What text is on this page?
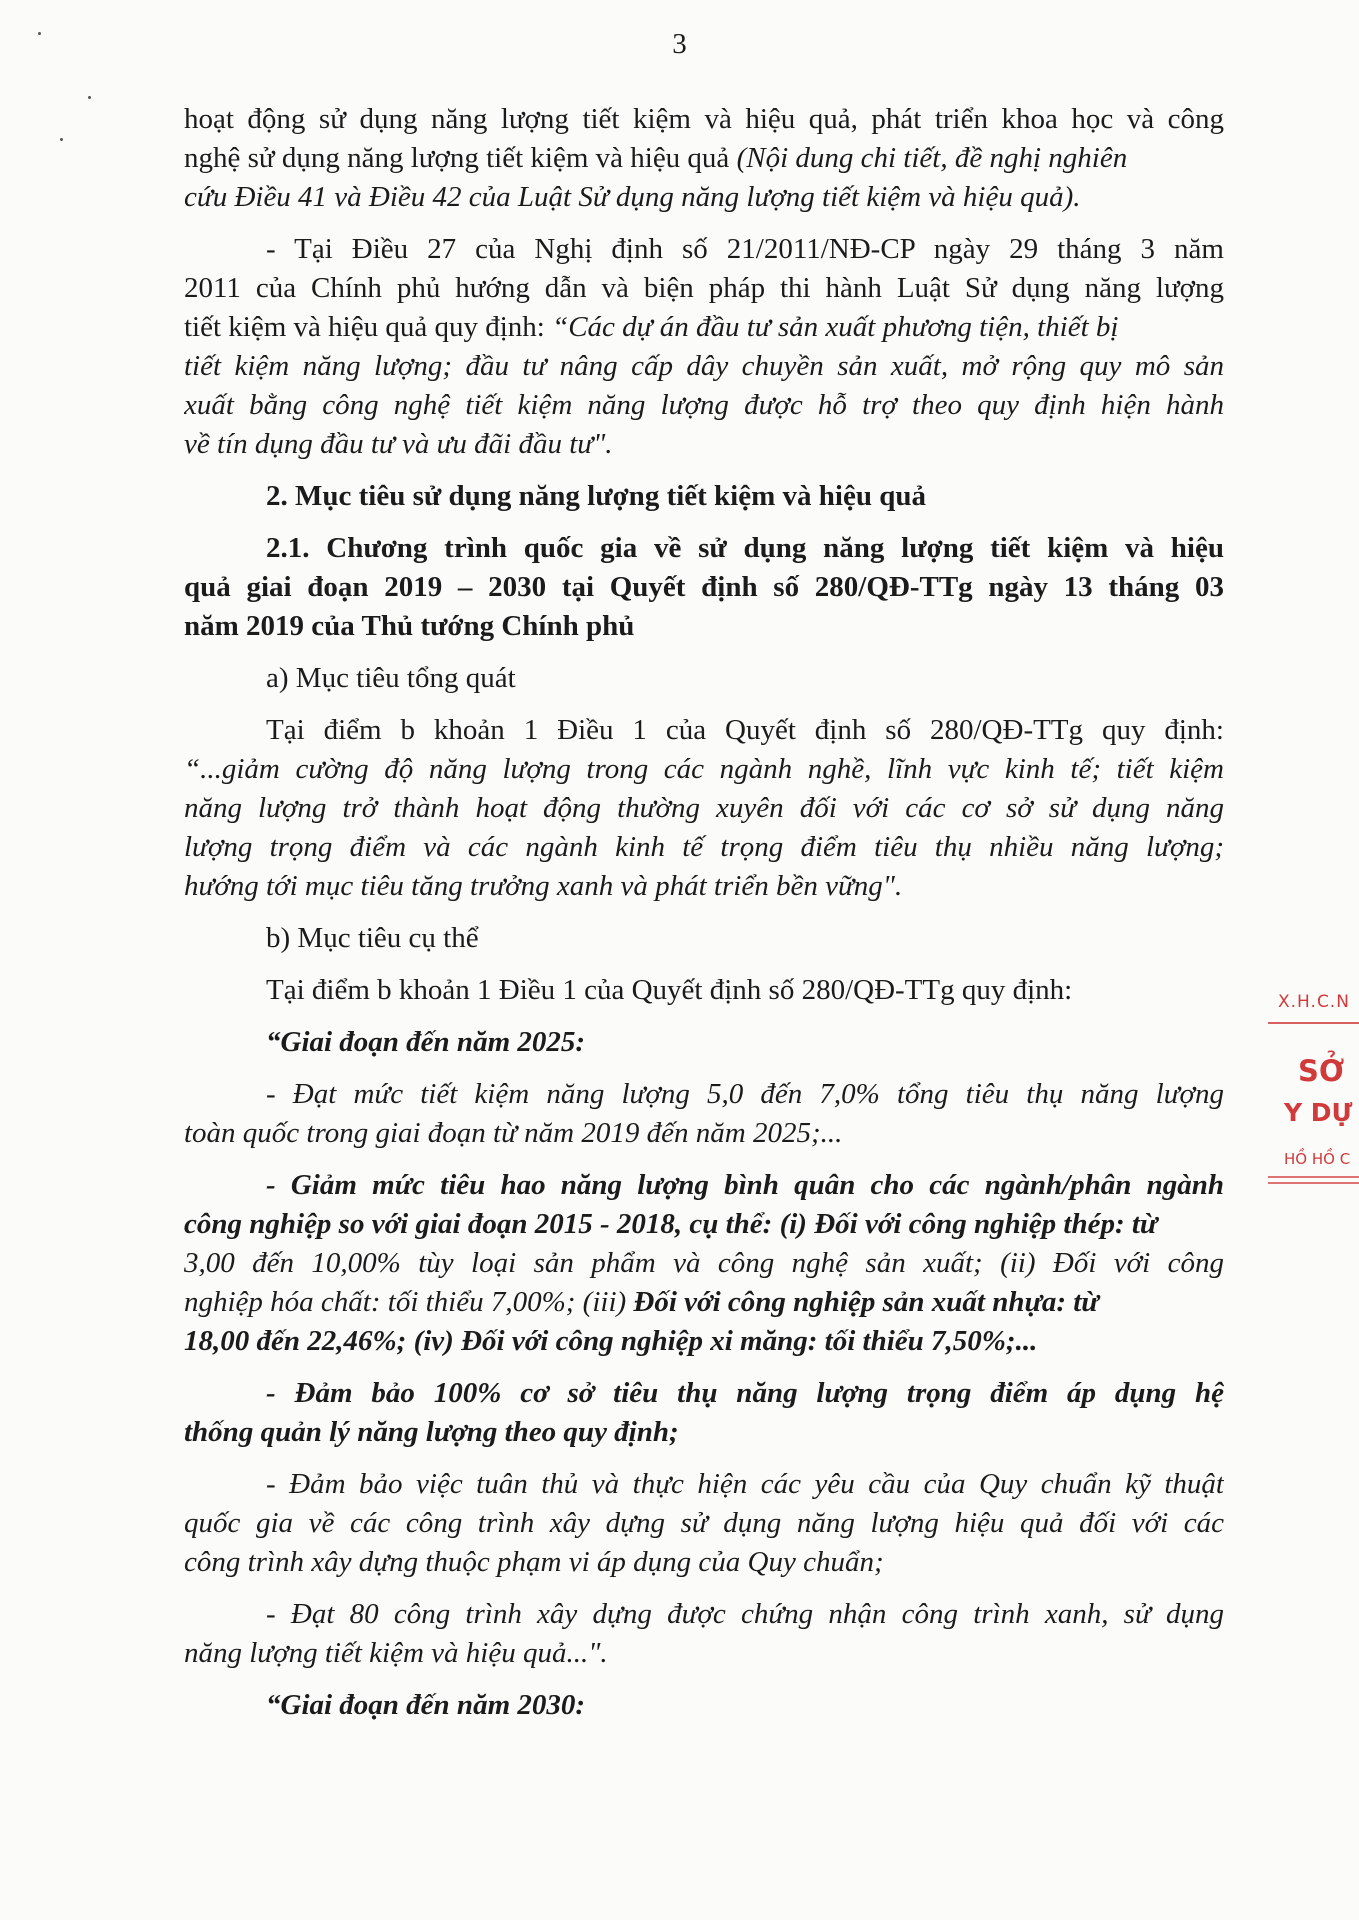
3
hoạt động sử dụng năng lượng tiết kiệm và hiệu quả, phát triển khoa học và công
nghệ sử dụng năng lượng tiết kiệm và hiệu quả (Nội dung chi tiết, đề nghị nghiên
cứu Điều 41 và Điều 42 của Luật Sử dụng năng lượng tiết kiệm và hiệu quả).
- Tại Điều 27 của Nghị định số 21/2011/NĐ-CP ngày 29 tháng 3 năm
2011 của Chính phủ hướng dẫn và biện pháp thi hành Luật Sử dụng năng lượng
tiết kiệm và hiệu quả quy định: “Các dự án đầu tư sản xuất phương tiện, thiết bị
tiết kiệm năng lượng; đầu tư nâng cấp dây chuyền sản xuất, mở rộng quy mô sản
xuất bằng công nghệ tiết kiệm năng lượng được hỗ trợ theo quy định hiện hành
về tín dụng đầu tư và ưu đãi đầu tư".
2. Mục tiêu sử dụng năng lượng tiết kiệm và hiệu quả
2.1. Chương trình quốc gia về sử dụng năng lượng tiết kiệm và hiệu
quả giai đoạn 2019 – 2030 tại Quyết định số 280/QĐ-TTg ngày 13 tháng 03
năm 2019 của Thủ tướng Chính phủ
a) Mục tiêu tổng quát
Tại điểm b khoản 1 Điều 1 của Quyết định số 280/QĐ-TTg quy định:
“...giảm cường độ năng lượng trong các ngành nghề, lĩnh vực kinh tế; tiết kiệm
năng lượng trở thành hoạt động thường xuyên đối với các cơ sở sử dụng năng
lượng trọng điểm và các ngành kinh tế trọng điểm tiêu thụ nhiều năng lượng;
hướng tới mục tiêu tăng trưởng xanh và phát triển bền vững".
b) Mục tiêu cụ thể
Tại điểm b khoản 1 Điều 1 của Quyết định số 280/QĐ-TTg quy định:
“Giai đoạn đến năm 2025:
- Đạt mức tiết kiệm năng lượng 5,0 đến 7,0% tổng tiêu thụ năng lượng
toàn quốc trong giai đoạn từ năm 2019 đến năm 2025;...
- Giảm mức tiêu hao năng lượng bình quân cho các ngành/phân ngành
công nghiệp so với giai đoạn 2015 - 2018, cụ thể: (i) Đối với công nghiệp thép: từ
3,00 đến 10,00% tùy loại sản phẩm và công nghệ sản xuất; (ii) Đối với công
nghiệp hóa chất: tối thiểu 7,00%; (iii) Đối với công nghiệp sản xuất nhựa: từ
18,00 đến 22,46%; (iv) Đối với công nghiệp xi măng: tối thiểu 7,50%;...
- Đảm bảo 100% cơ sở tiêu thụ năng lượng trọng điểm áp dụng hệ
thống quản lý năng lượng theo quy định;
- Đảm bảo việc tuân thủ và thực hiện các yêu cầu của Quy chuẩn kỹ thuật
quốc gia về các công trình xây dựng sử dụng năng lượng hiệu quả đối với các
công trình xây dựng thuộc phạm vi áp dụng của Quy chuẩn;
- Đạt 80 công trình xây dựng được chứng nhận công trình xanh, sử dụng
năng lượng tiết kiệm và hiệu quả...".
“Giai đoạn đến năm 2030:
X.H.C.N
SỞ
Y DỰ
HỒ HỒ C
